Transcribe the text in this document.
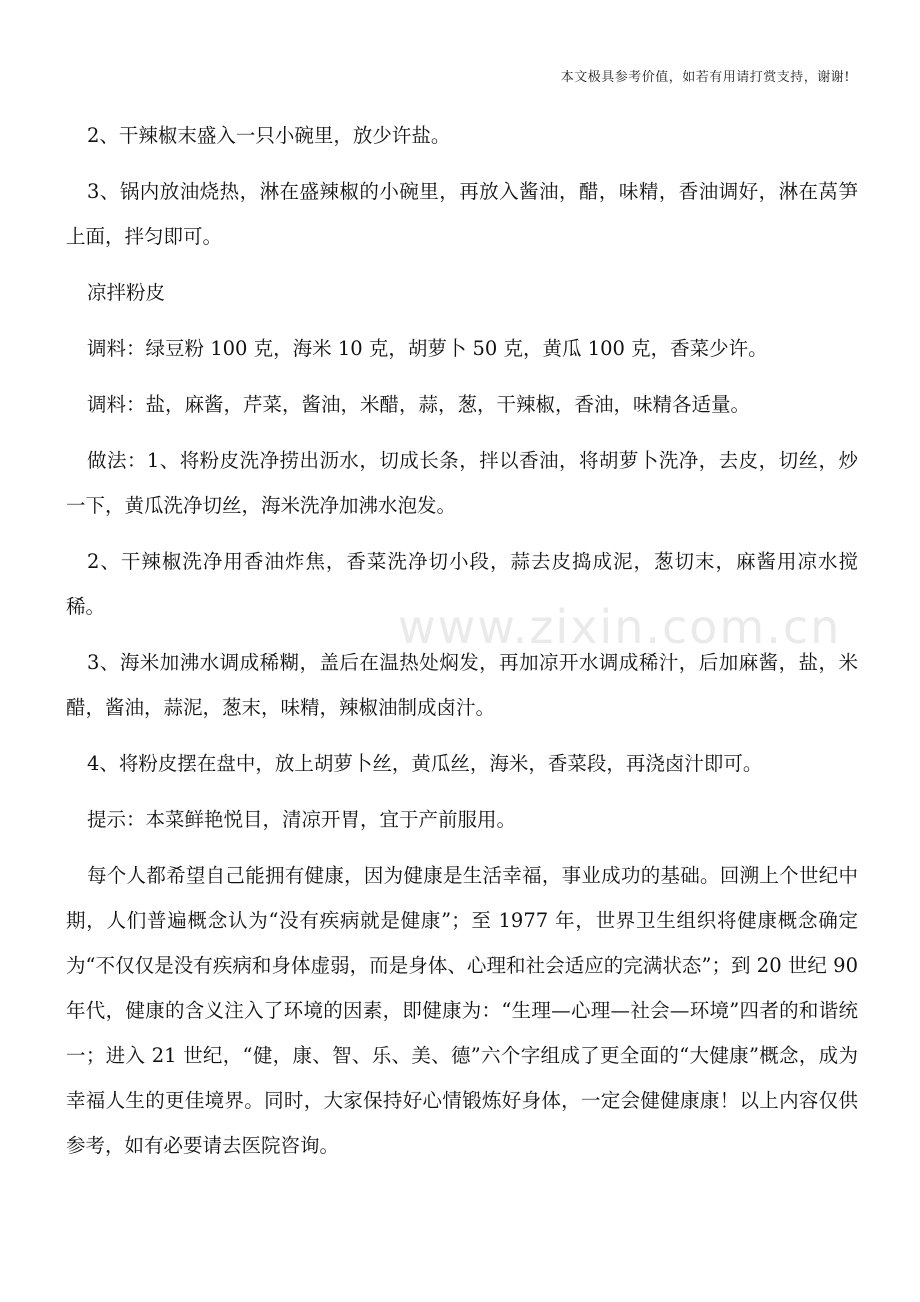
本文极具参考价值，如若有用请打赏支持，谢谢!
www.zixin.com.cn

2、干辣椒末盛入一只小碗里，放少许盐。

3、锅内放油烧热，淋在盛辣椒的小碗里，再放入酱油，醋，味精，香油调好，淋在莴笋上面，拌匀即可。

凉拌粉皮

调料：绿豆粉 100 克，海米 10 克，胡萝卜 50 克，黄瓜 100 克，香菜少许。

调料：盐，麻酱，芹菜，酱油，米醋，蒜，葱，干辣椒，香油，味精各适量。

做法：1、将粉皮洗净捞出沥水，切成长条，拌以香油，将胡萝卜洗净，去皮，切丝，炒一下，黄瓜洗净切丝，海米洗净加沸水泡发。

2、干辣椒洗净用香油炸焦，香菜洗净切小段，蒜去皮捣成泥，葱切末，麻酱用凉水搅稀。

3、海米加沸水调成稀糊，盖后在温热处焖发，再加凉开水调成稀汁，后加麻酱，盐，米醋，酱油，蒜泥，葱末，味精，辣椒油制成卤汁。

4、将粉皮摆在盘中，放上胡萝卜丝，黄瓜丝，海米，香菜段，再浇卤汁即可。

提示：本菜鲜艳悦目，清凉开胃，宜于产前服用。

每个人都希望自己能拥有健康，因为健康是生活幸福，事业成功的基础。回溯上个世纪中期，人们普遍概念认为“没有疾病就是健康”；至 1977 年，世界卫生组织将健康概念确定为“不仅仅是没有疾病和身体虚弱，而是身体、心理和社会适应的完满状态”；到 20 世纪 90 年代，健康的含义注入了环境的因素，即健康为：“生理—心理—社会—环境”四者的和谐统一；进入 21 世纪，“健，康、智、乐、美、德”六个字组成了更全面的“大健康”概念，成为幸福人生的更佳境界。同时，大家保持好心情锻炼好身体，一定会健健康康！以上内容仅供参考，如有必要请去医院咨询。
